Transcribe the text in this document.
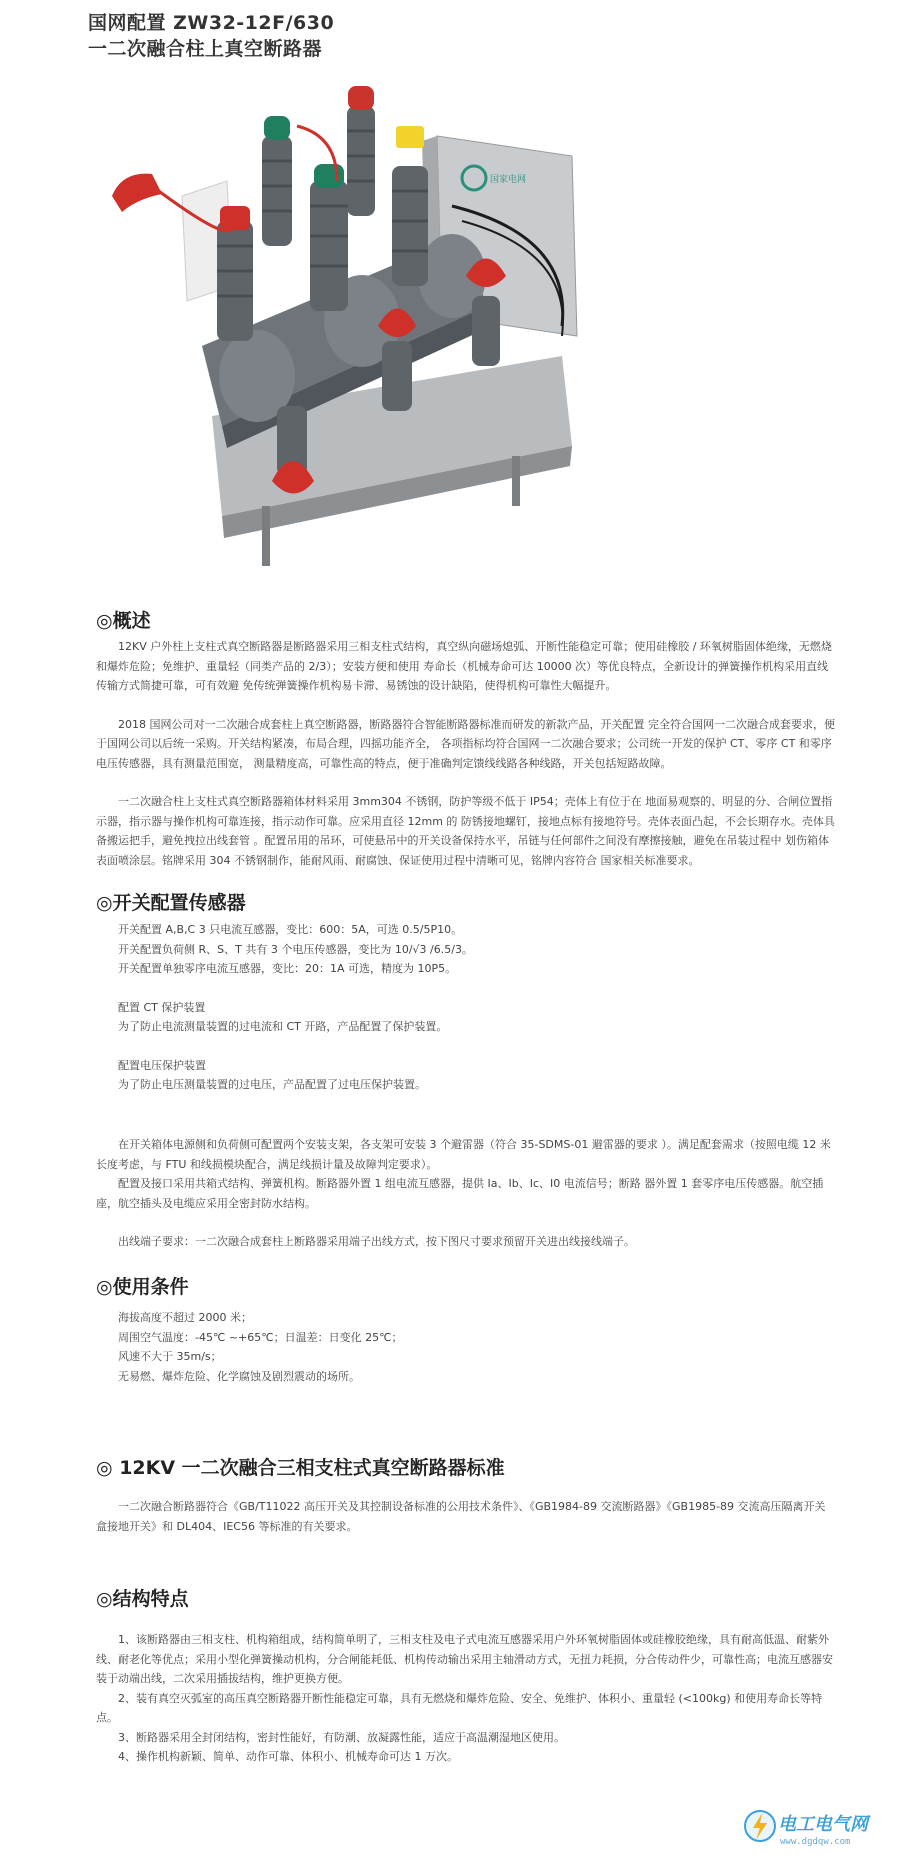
国网配置 ZW32-12F/630
一二次融合柱上真空断路器
国家电网
◎概述

12KV 户外柱上支柱式真空断路器是断路器采用三相支柱式结构，真空纵向磁场熄弧、开断性能稳定可靠；使用硅橡胶 / 环氧树脂固体绝缘，无燃烧和爆炸危险；免维护、重量轻（同类产品的 2/3）；安装方便和使用 寿命长（机械寿命可达 10000 次）等优良特点，全新设计的弹簧操作机构采用直线传输方式简捷可靠，可有效避 免传统弹簧操作机构易卡滞、易锈蚀的设计缺陷，使得机构可靠性大幅提升。

2018 国网公司对一二次融合成套柱上真空断路器，断路器符合智能断路器标准而研发的新款产品，开关配置 完全符合国网一二次融合成套要求，便于国网公司以后统一采购。开关结构紧凑，布局合理，四摇功能齐全， 各项指标均符合国网一二次融合要求；公司统一开发的保护 CT、零序 CT 和零序电压传感器，具有测量范围宽， 测量精度高，可靠性高的特点，便于准确判定馈线线路各种线路，开关包括短路故障。

一二次融合柱上支柱式真空断路器箱体材料采用 3mm304 不锈钢，防护等级不低于 IP54；壳体上有位于在 地面易观察的、明显的分、合闸位置指示器，指示器与操作机构可靠连接，指示动作可靠。应采用直径 12mm 的 防锈接地螺钉，接地点标有接地符号。壳体表面凸起，不会长期存水。壳体具备搬运把手，避免拽拉出线套管 。配置吊用的吊环，可使悬吊中的开关设备保持水平，吊链与任何部件之间没有摩擦接触，避免在吊装过程中 划伤箱体表面喷涂层。铭牌采用 304 不锈钢制作，能耐风雨、耐腐蚀、保证使用过程中清晰可见，铭牌内容符合 国家相关标准要求。

◎开关配置传感器
开关配置 A,B,C 3 只电流互感器，变比：600：5A，可选 0.5/5P10。
开关配置负荷侧 R、S、T 共有 3 个电压传感器，变比为 10/√3 /6.5/3。
开关配置单独零序电流互感器，变比：20：1A 可选，精度为 10P5。
配置 CT 保护装置
为了防止电流测量装置的过电流和 CT 开路，产品配置了保护装置。
配置电压保护装置
为了防止电压测量装置的过电压，产品配置了过电压保护装置。

在开关箱体电源侧和负荷侧可配置两个安装支架，各支架可安装 3 个避雷器（符合 35-SDMS-01 避雷器的要求 ）。满足配套需求（按照电缆 12 米长度考虑，与 FTU 和线损模块配合，满足线损计量及故障判定要求）。

配置及接口采用共箱式结构、弹簧机构。断路器外置 1 组电流互感器，提供 Ia、Ib、Ic、I0 电流信号；断路 器外置 1 套零序电压传感器。航空插座，航空插头及电缆应采用全密封防水结构。

出线端子要求：一二次融合成套柱上断路器采用端子出线方式，按下图尺寸要求预留开关进出线接线端子。

◎使用条件
海拔高度不超过 2000 米；
周围空气温度：-45℃ ~+65℃；日温差：日变化 25℃；
风速不大于 35m/s；
无易燃、爆炸危险、化学腐蚀及剧烈震动的场所。
◎ 12KV 一二次融合三相支柱式真空断路器标准

一二次融合断路器符合《GB/T11022 高压开关及其控制设备标准的公用技术条件》、《GB1984-89 交流断路器》《GB1985-89 交流高压隔离开关盒接地开关》和 DL404、IEC56 等标准的有关要求。

◎结构特点

1、该断路器由三相支柱、机构箱组成，结构简单明了，三相支柱及电子式电流互感器采用户外环氧树脂固体或硅橡胶绝缘，具有耐高低温、耐紫外线、耐老化等优点；采用小型化弹簧操动机构，分合闸能耗低、机构传动输出采用主轴滑动方式，无扭力耗损，分合传动件少，可靠性高；电流互感器安装于动端出线，二次采用插拔结构，维护更换方便。

2、装有真空灭弧室的高压真空断路器开断性能稳定可靠，具有无燃烧和爆炸危险、安全、免维护、体积小、重量轻 (<100kg) 和使用寿命长等特点。

3、断路器采用全封闭结构，密封性能好，有防潮、放凝露性能，适应于高温潮湿地区使用。

4、操作机构新颖、简单、动作可靠、体积小、机械寿命可达 1 万次。

电工电气网
www.dgdqw.com
